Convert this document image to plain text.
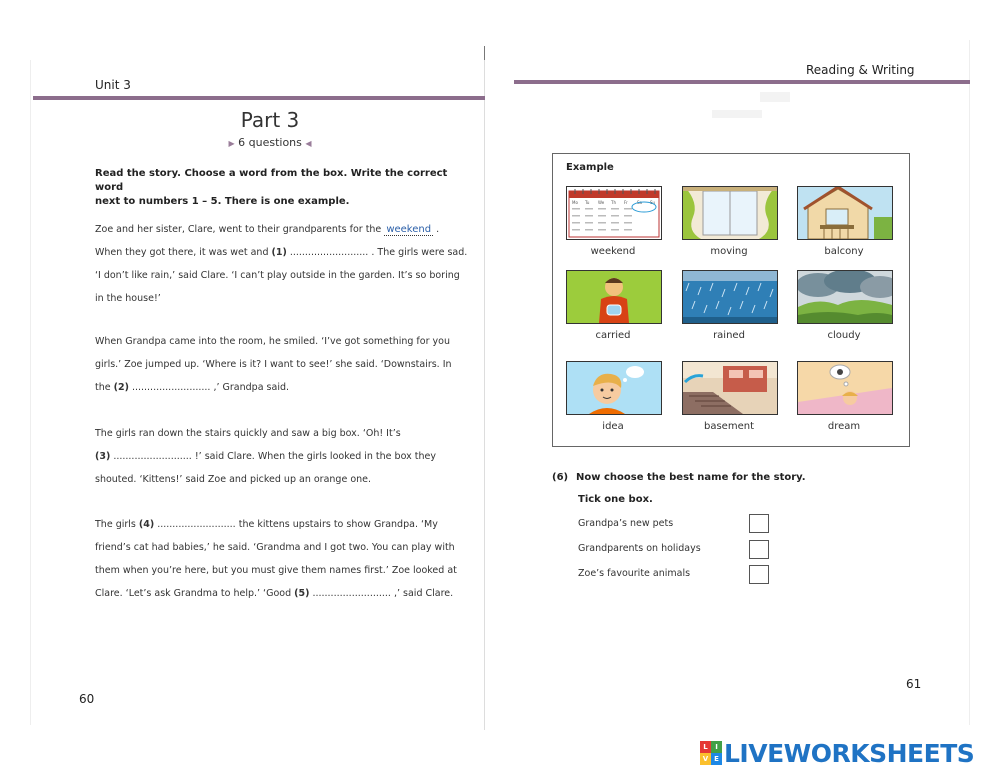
Unit 3
Part 3
▶ 6 questions ◀
Read the story. Choose a word from the box. Write the correct word
next to numbers 1 – 5. There is one example.
Zoe and her sister, Clare, went to their grandparents for the weekend .
When they got there, it was wet and (1) .......................... . The girls were sad.
‘I don’t like rain,’ said Clare. ‘I can’t play outside in the garden. It’s so boring
in the house!’
When Grandpa came into the room, he smiled. ‘I’ve got something for you
girls.’ Zoe jumped up. ‘Where is it? I want to see!’ she said. ‘Downstairs. In
the (2) .......................... ,’ Grandpa said.
The girls ran down the stairs quickly and saw a big box. ‘Oh! It’s
(3) .......................... !’ said Clare. When the girls looked in the box they
shouted. ‘Kittens!’ said Zoe and picked up an orange one.
The girls (4) .......................... the kittens upstairs to show Grandpa. ‘My
friend’s cat had babies,’ he said. ‘Grandma and I got two. You can play with
them when you’re here, but you must give them names first.’ Zoe looked at
Clare. ‘Let’s ask Grandma to help.’ ‘Good (5) .......................... ,’ said Clare.
60
Reading & Writing
Example
Mo Tu We Th Fr Sa Su
weekend	moving	balcony
carried	rained	cloudy
idea	basement	dream
(6) Now choose the best name for the story.
Tick one box.
Grandpa’s new pets
Grandparents on holidays
Zoe’s favourite animals
61
L	I
V E LIVEWORKSHEETS
